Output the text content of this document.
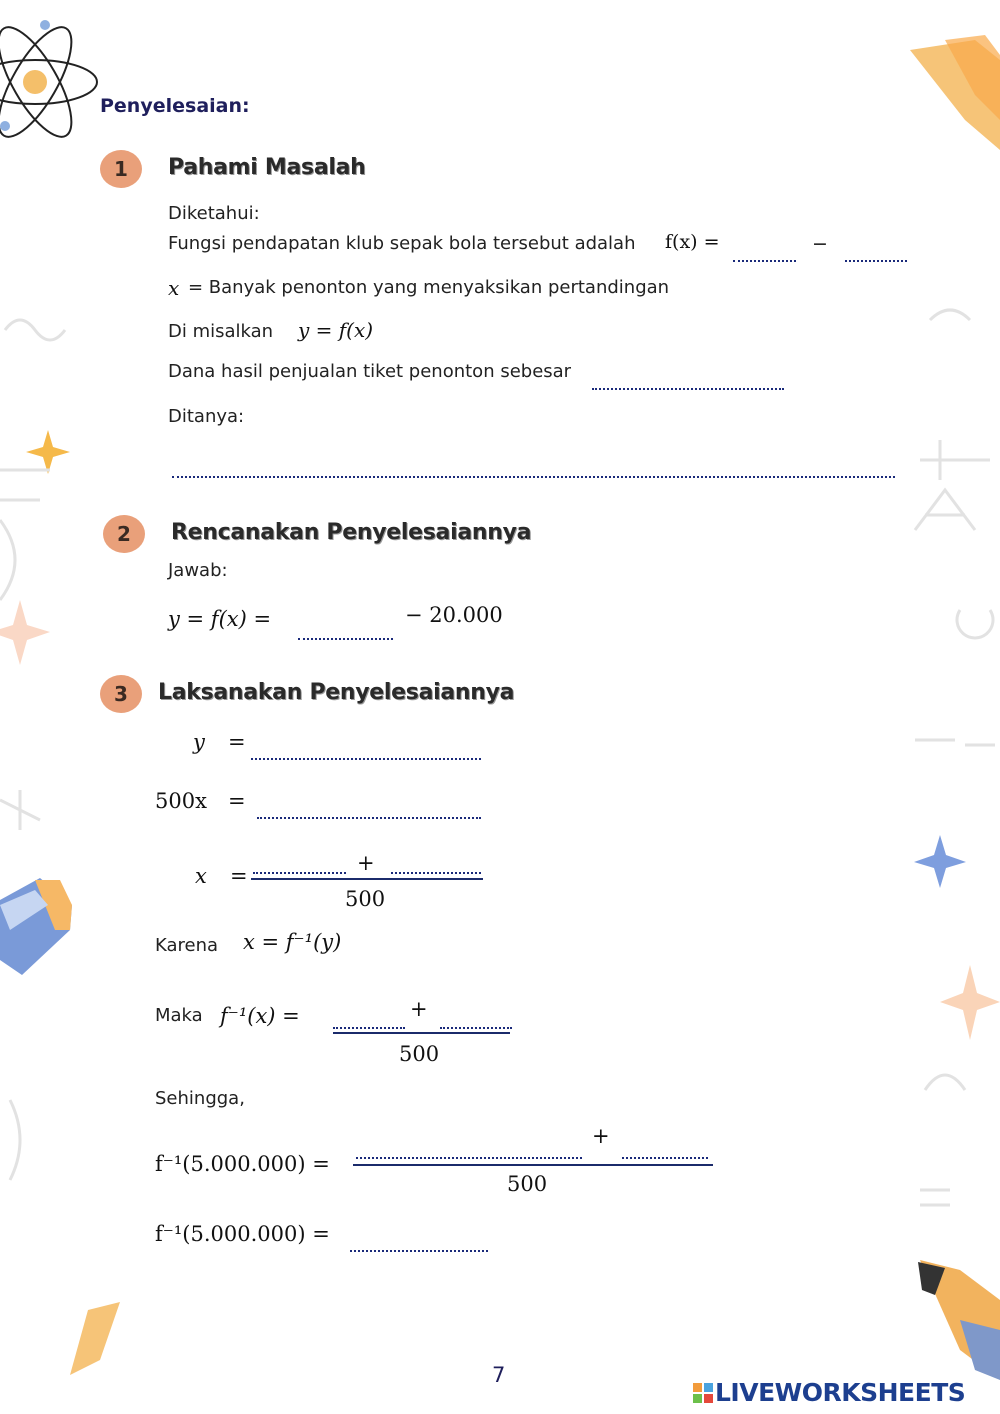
Penyelesaian:
1	Pahami Masalah
Diketahui:
Fungsi pendapatan klub sepak bola tersebut adalah f(x) =	−
x = Banyak penonton yang menyaksikan pertandingan
Di misalkan y = f(x)
Dana hasil penjualan tiket penonton sebesar
Ditanya:
2	Rencanakan Penyelesaiannya
Jawab:
y = f(x) =	− 20.000
3	Laksanakan Penyelesaiannya
y =
500x =
x =
+
500
Karena x = f⁻¹(y)
Maka f⁻¹(x) =	+
500
Sehingga,
f⁻¹(5.000.000) =
+
500
f⁻¹(5.000.000) =
7
LIVEWORKSHEETS
